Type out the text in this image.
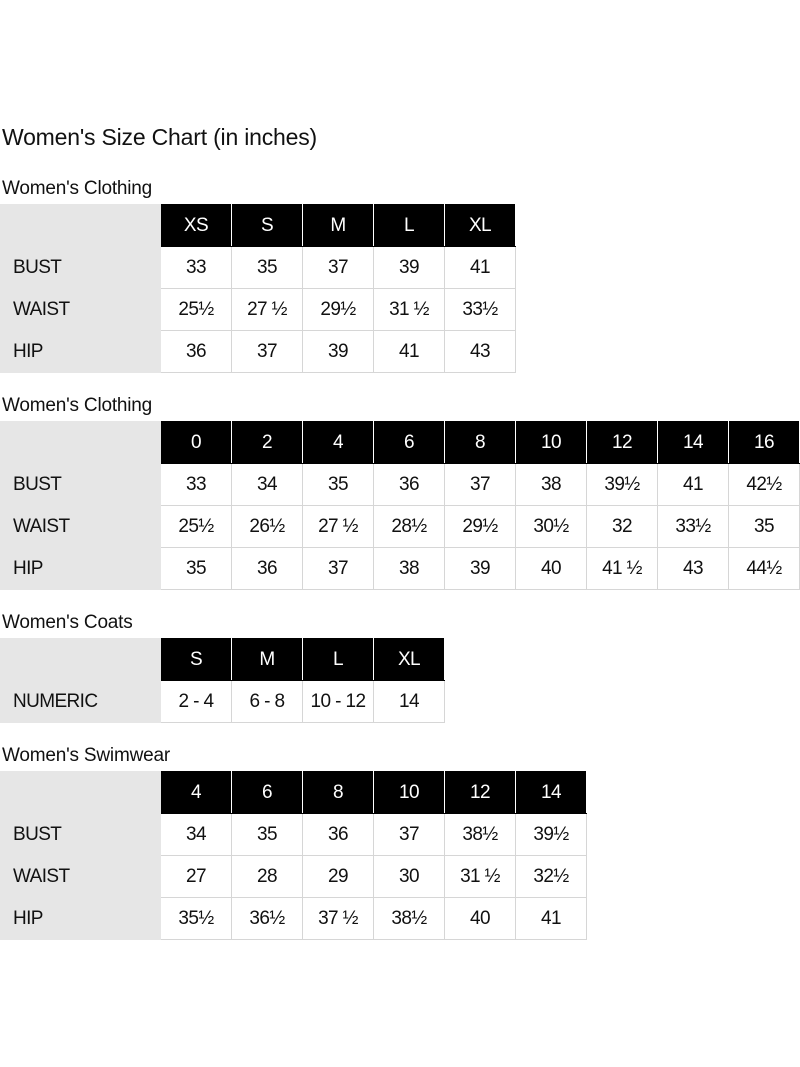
Women's Size Chart (in inches)
Women's Clothing
	XS	S	M	L	XL
BUST	33	35	37	39	41
WAIST	25½	27 ½	29½	31 ½	33½
HIP	36	37	39	41	43
Women's Clothing
	0	2	4	6	8	10	12	14	16
BUST	33	34	35	36	37	38	39½	41	42½
WAIST	25½	26½	27 ½	28½	29½	30½	32	33½	35
HIP	35	36	37	38	39	40	41 ½	43	44½
Women's Coats
	S	M	L	XL
NUMERIC	2 - 4	6 - 8	10 - 12	14
Women's Swimwear
	4	6	8	10	12	14
BUST	34	35	36	37	38½	39½
WAIST	27	28	29	30	31 ½	32½
HIP	35½	36½	37 ½	38½	40	41
